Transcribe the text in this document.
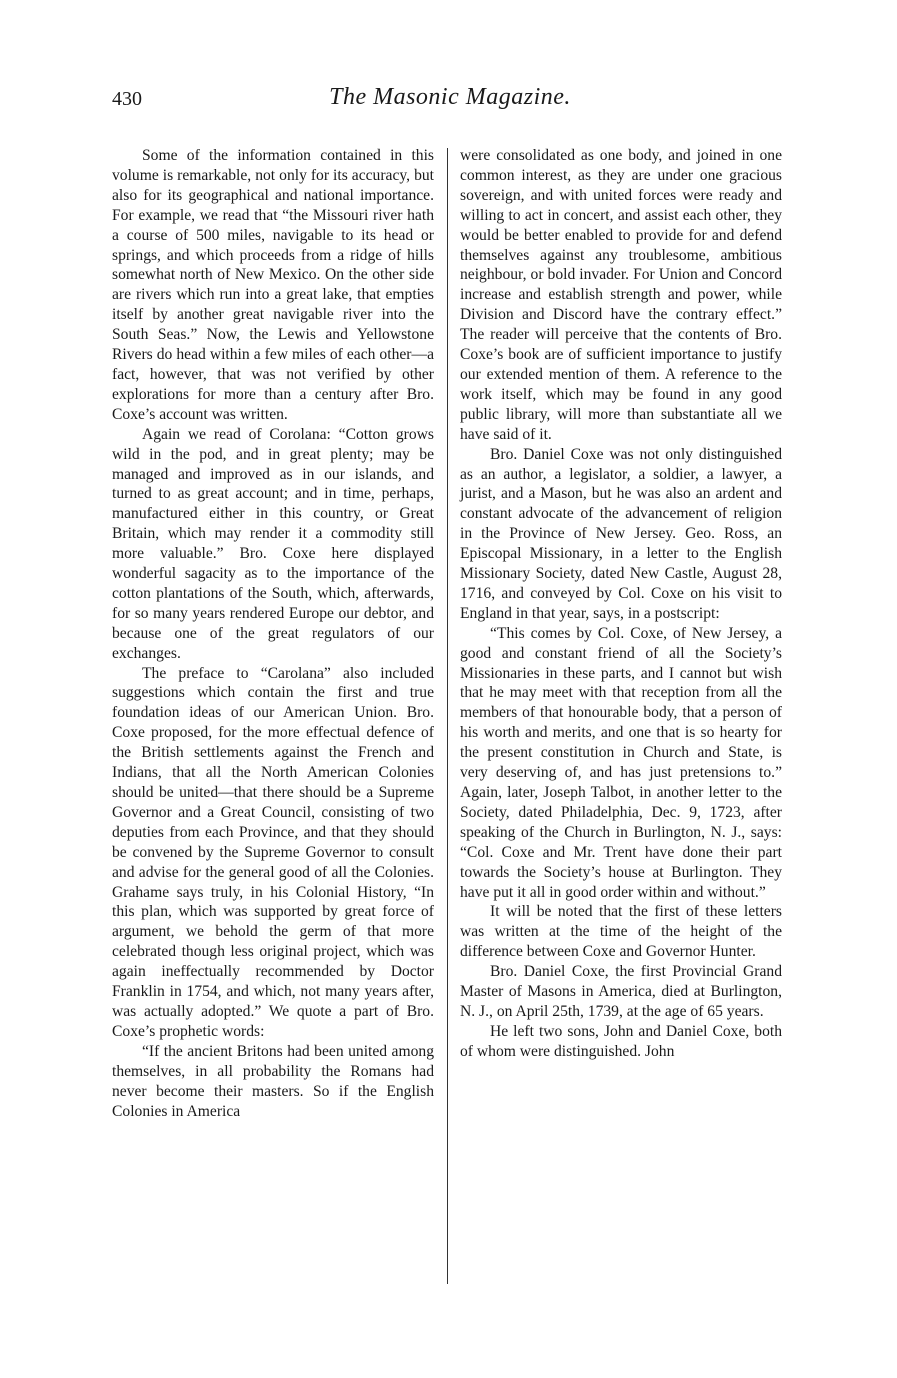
430	The Masonic Magazine.

Some of the information contained in this volume is remarkable, not only for its accuracy, but also for its geographical and national importance. For example, we read that “the Missouri river hath a course of 500 miles, navigable to its head or springs, and which proceeds from a ridge of hills somewhat north of New Mexico. On the other side are rivers which run into a great lake, that empties itself by another great navigable river into the South Seas.” Now, the Lewis and Yellowstone Rivers do head within a few miles of each other—a fact, however, that was not verified by other explorations for more than a century after Bro. Coxe’s account was written.

Again we read of Corolana: “Cotton grows wild in the pod, and in great plenty; may be managed and improved as in our islands, and turned to as great account; and in time, perhaps, manufactured either in this country, or Great Britain, which may render it a commodity still more valuable.” Bro. Coxe here displayed wonderful sagacity as to the importance of the cotton plantations of the South, which, afterwards, for so many years rendered Europe our debtor, and because one of the great regulators of our exchanges.

The preface to “Carolana” also included suggestions which contain the first and true foundation ideas of our American Union. Bro. Coxe proposed, for the more effectual defence of the British settlements against the French and Indians, that all the North American Colonies should be united—that there should be a Supreme Governor and a Great Council, consisting of two deputies from each Province, and that they should be convened by the Supreme Governor to consult and advise for the general good of all the Colonies. Grahame says truly, in his Colonial History, “In this plan, which was supported by great force of argument, we behold the germ of that more celebrated though less original project, which was again ineffectually recommended by Doctor Franklin in 1754, and which, not many years after, was actually adopted.” We quote a part of Bro. Coxe’s prophetic words:

“If the ancient Britons had been united among themselves, in all probability the Romans had never become their masters. So if the English Colonies in America

were consolidated as one body, and joined in one common interest, as they are under one gracious sovereign, and with united forces were ready and willing to act in concert, and assist each other, they would be better enabled to provide for and defend themselves against any troublesome, ambitious neighbour, or bold invader. For Union and Concord increase and establish strength and power, while Division and Discord have the contrary effect.” The reader will perceive that the contents of Bro. Coxe’s book are of sufficient importance to justify our extended mention of them. A reference to the work itself, which may be found in any good public library, will more than substantiate all we have said of it.

Bro. Daniel Coxe was not only distinguished as an author, a legislator, a soldier, a lawyer, a jurist, and a Mason, but he was also an ardent and constant advocate of the advancement of religion in the Province of New Jersey. Geo. Ross, an Episcopal Missionary, in a letter to the English Missionary Society, dated New Castle, August 28, 1716, and conveyed by Col. Coxe on his visit to England in that year, says, in a postscript:

“This comes by Col. Coxe, of New Jersey, a good and constant friend of all the Society’s Missionaries in these parts, and I cannot but wish that he may meet with that reception from all the members of that honourable body, that a person of his worth and merits, and one that is so hearty for the present constitution in Church and State, is very deserving of, and has just pretensions to.” Again, later, Joseph Talbot, in another letter to the Society, dated Philadelphia, Dec. 9, 1723, after speaking of the Church in Burlington, N. J., says: “Col. Coxe and Mr. Trent have done their part towards the Society’s house at Burlington. They have put it all in good order within and without.”

It will be noted that the first of these letters was written at the time of the height of the difference between Coxe and Governor Hunter.

Bro. Daniel Coxe, the first Provincial Grand Master of Masons in America, died at Burlington, N. J., on April 25th, 1739, at the age of 65 years.

He left two sons, John and Daniel Coxe, both of whom were distinguished. John
